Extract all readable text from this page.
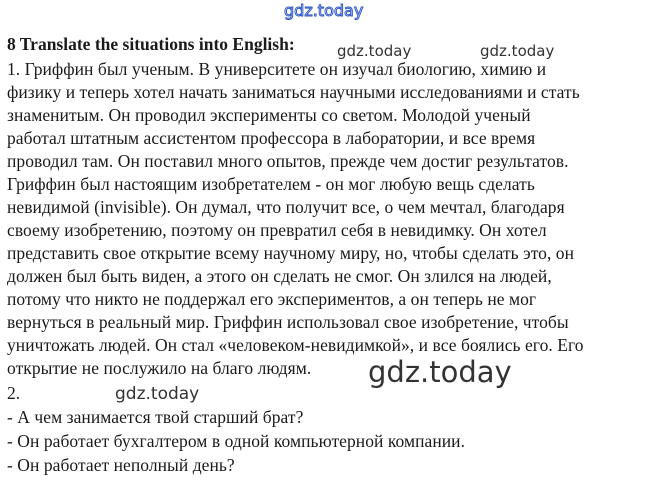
gdz.today
8 Translate the situations into English:
1. Гриффин был ученым. В университете он изучал биологию, химию и
физику и теперь хотел начать заниматься научными исследованиями и стать
знаменитым. Он проводил эксперименты со светом. Молодой ученый
работал штатным ассистентом профессора в лаборатории, и все время
проводил там. Он поставил много опытов, прежде чем достиг результатов.
Гриффин был настоящим изобретателем - он мог любую вещь сделать
невидимой (invisible). Он думал, что получит все, о чем мечтал, благодаря
своему изобретению, поэтому он превратил себя в невидимку. Он хотел
представить свое открытие всему научному миру, но, чтобы сделать это, он
должен был быть виден, а этого он сделать не смог. Он злился на людей,
потому что никто не поддержал его экспериментов, а он теперь не мог
вернуться в реальный мир. Гриффин использовал свое изобретение, чтобы
уничтожать людей. Он стал «человеком-невидимкой», и все боялись его. Его
открытие не послужило на благо людям.
2.
- А чем занимается твой старший брат?
- Он работает бухгалтером в одной компьютерной компании.
- Он работает неполный день?
gdz.today	gdz.today
gdz.today
gdz.today
